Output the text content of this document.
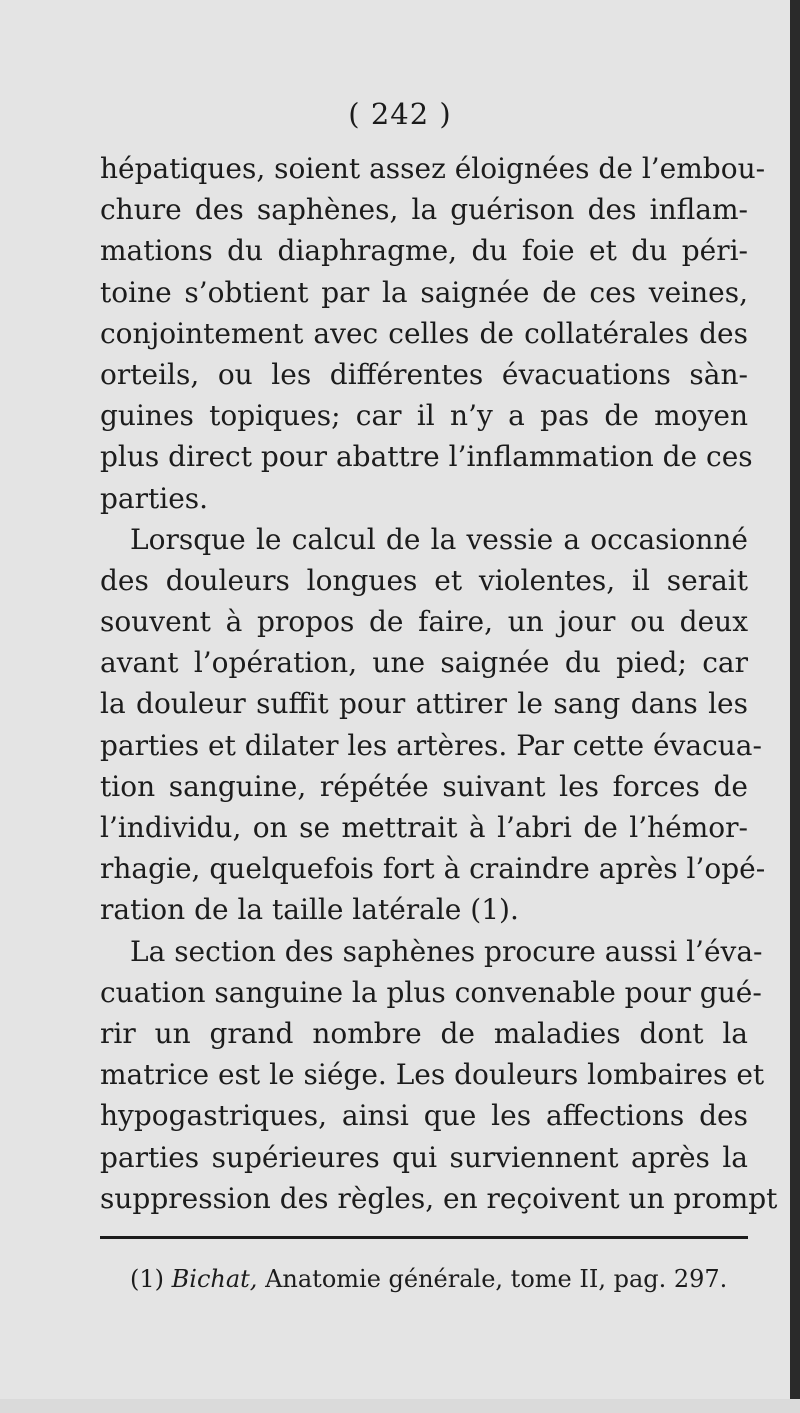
( 242 )
hépatiques, soient assez éloignées de l’embou-
chure des saphènes, la guérison des inflam-
mations du diaphragme, du foie et du péri-
toine s’obtient par la saignée de ces veines,
conjointement avec celles de collatérales des
orteils, ou les différentes évacuations sàn-
guines topiques; car il n’y a pas de moyen
plus direct pour abattre l’inflammation de ces
parties.
Lorsque le calcul de la vessie a occasionné
des douleurs longues et violentes, il serait
souvent à propos de faire, un jour ou deux
avant l’opération, une saignée du pied; car
la douleur suffit pour attirer le sang dans les
parties et dilater les artères. Par cette évacua-
tion sanguine, répétée suivant les forces de
l’individu, on se mettrait à l’abri de l’hémor-
rhagie, quelquefois fort à craindre après l’opé-
ration de la taille latérale (1).
La section des saphènes procure aussi l’éva-
cuation sanguine la plus convenable pour gué-
rir un grand nombre de maladies dont la
matrice est le siége. Les douleurs lombaires et
hypogastriques, ainsi que les affections des
parties supérieures qui surviennent après la
suppression des règles, en reçoivent un prompt
(1) Bichat, Anatomie générale, tome II, pag. 297.
